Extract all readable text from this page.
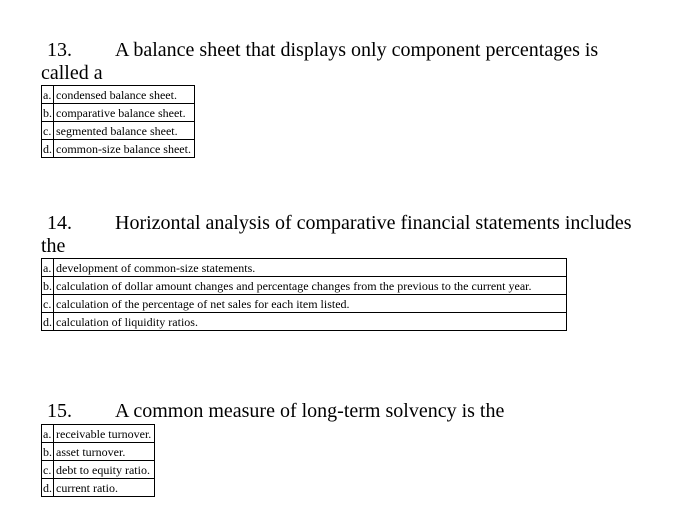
13. A balance sheet that displays only component percentages is
called a
a.	condensed balance sheet.
b.	comparative balance sheet.
c.	segmented balance sheet.
d.	common-size balance sheet.
14. Horizontal analysis of comparative financial statements includes
the
a.	development of common-size statements.
b.	calculation of dollar amount changes and percentage changes from the previous to the current year.
c.	calculation of the percentage of net sales for each item listed.
d.	calculation of liquidity ratios.
15. A common measure of long-term solvency is the
a.	receivable turnover.
b.	asset turnover.
c.	debt to equity ratio.
d.	current ratio.
